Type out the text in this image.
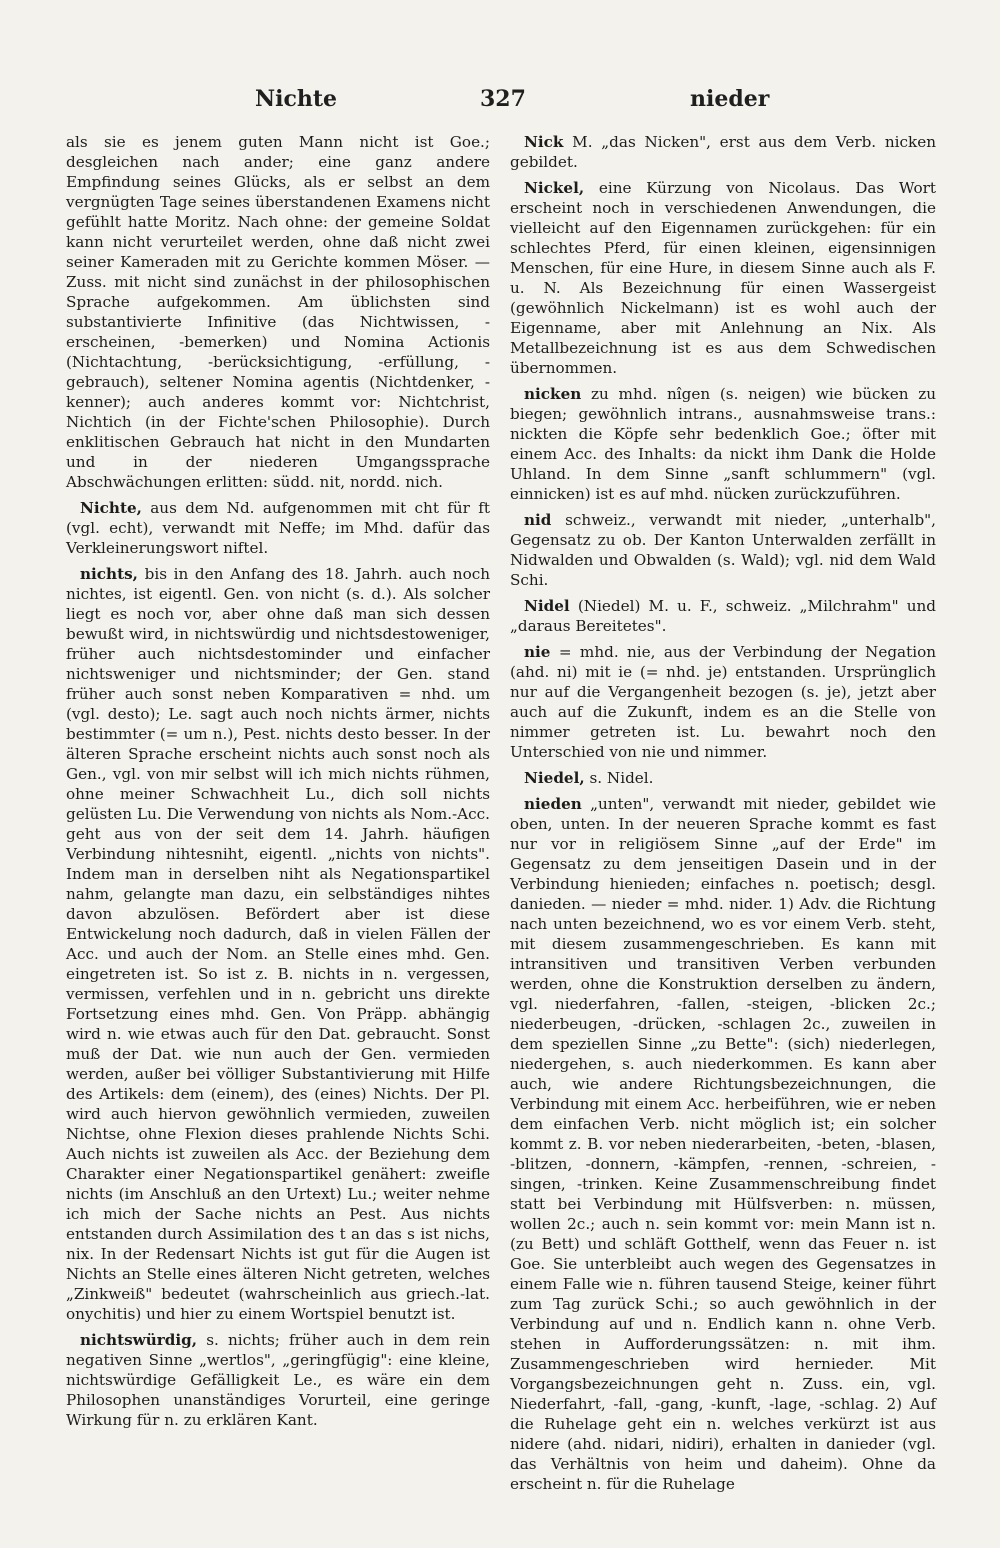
Nichte	327	nieder

als sie es jenem guten Mann nicht ist Goe.; desgleichen nach ander; eine ganz andere Empfindung seines Glücks, als er selbst an dem vergnügten Tage seines überstandenen Examens nicht gefühlt hatte Moritz. Nach ohne: der gemeine Soldat kann nicht verurteilet werden, ohne daß nicht zwei seiner Kameraden mit zu Gerichte kommen Möser. — Zuss. mit nicht sind zunächst in der philosophischen Sprache aufgekommen. Am üblichsten sind substantivierte Infinitive (das Nichtwissen, -erscheinen, -bemerken) und Nomina Actionis (Nichtachtung, -berücksichtigung, -erfüllung, -gebrauch), seltener Nomina agentis (Nichtdenker, -kenner); auch anderes kommt vor: Nichtchrist, Nichtich (in der Fichte'schen Philosophie). Durch enklitischen Gebrauch hat nicht in den Mundarten und in der niederen Umgangssprache Abschwächungen erlitten: südd. nit, nordd. nich.

Nichte, aus dem Nd. aufgenommen mit cht für ft (vgl. echt), verwandt mit Neffe; im Mhd. dafür das Verkleinerungswort niftel.

nichts, bis in den Anfang des 18. Jahrh. auch noch nichtes, ist eigentl. Gen. von nicht (s. d.). Als solcher liegt es noch vor, aber ohne daß man sich dessen bewußt wird, in nichtswürdig und nichtsdestoweniger, früher auch nichtsdestominder und einfacher nichtsweniger und nichtsminder; der Gen. stand früher auch sonst neben Komparativen = nhd. um (vgl. desto); Le. sagt auch noch nichts ärmer, nichts bestimmter (= um n.), Pest. nichts desto besser. In der älteren Sprache erscheint nichts auch sonst noch als Gen., vgl. von mir selbst will ich mich nichts rühmen, ohne meiner Schwachheit Lu., dich soll nichts gelüsten Lu. Die Verwendung von nichts als Nom.-Acc. geht aus von der seit dem 14. Jahrh. häufigen Verbindung nihtesniht, eigentl. „nichts von nichts". Indem man in derselben niht als Negationspartikel nahm, gelangte man dazu, ein selbständiges nihtes davon abzulösen. Befördert aber ist diese Entwickelung noch dadurch, daß in vielen Fällen der Acc. und auch der Nom. an Stelle eines mhd. Gen. eingetreten ist. So ist z. B. nichts in n. vergessen, vermissen, verfehlen und in n. gebricht uns direkte Fortsetzung eines mhd. Gen. Von Präpp. abhängig wird n. wie etwas auch für den Dat. gebraucht. Sonst muß der Dat. wie nun auch der Gen. vermieden werden, außer bei völliger Substantivierung mit Hilfe des Artikels: dem (einem), des (eines) Nichts. Der Pl. wird auch hiervon gewöhnlich vermieden, zuweilen Nichtse, ohne Flexion dieses prahlende Nichts Schi. Auch nichts ist zuweilen als Acc. der Beziehung dem Charakter einer Negationspartikel genähert: zweifle nichts (im Anschluß an den Urtext) Lu.; weiter nehme ich mich der Sache nichts an Pest. Aus nichts entstanden durch Assimilation des t an das s ist nichs, nix. In der Redensart Nichts ist gut für die Augen ist Nichts an Stelle eines älteren Nicht getreten, welches „Zinkweiß" bedeutet (wahrscheinlich aus griech.-lat. onychitis) und hier zu einem Wortspiel benutzt ist.

nichtswürdig, s. nichts; früher auch in dem rein negativen Sinne „wertlos", „geringfügig": eine kleine, nichtswürdige Gefälligkeit Le., es wäre ein dem Philosophen unanständiges Vorurteil, eine geringe Wirkung für n. zu erklären Kant.

Nick M. „das Nicken", erst aus dem Verb. nicken gebildet.

Nickel, eine Kürzung von Nicolaus. Das Wort erscheint noch in verschiedenen Anwendungen, die vielleicht auf den Eigennamen zurückgehen: für ein schlechtes Pferd, für einen kleinen, eigensinnigen Menschen, für eine Hure, in diesem Sinne auch als F. u. N. Als Bezeichnung für einen Wassergeist (gewöhnlich Nickelmann) ist es wohl auch der Eigenname, aber mit Anlehnung an Nix. Als Metallbezeichnung ist es aus dem Schwedischen übernommen.

nicken zu mhd. nîgen (s. neigen) wie bücken zu biegen; gewöhnlich intrans., ausnahmsweise trans.: nickten die Köpfe sehr bedenklich Goe.; öfter mit einem Acc. des Inhalts: da nickt ihm Dank die Holde Uhland. In dem Sinne „sanft schlummern" (vgl. einnicken) ist es auf mhd. nücken zurückzuführen.

nid schweiz., verwandt mit nieder, „unterhalb", Gegensatz zu ob. Der Kanton Unterwalden zerfällt in Nidwalden und Obwalden (s. Wald); vgl. nid dem Wald Schi.

Nidel (Niedel) M. u. F., schweiz. „Milchrahm" und „daraus Bereitetes".

nie = mhd. nie, aus der Verbindung der Negation (ahd. ni) mit ie (= nhd. je) entstanden. Ursprünglich nur auf die Vergangenheit bezogen (s. je), jetzt aber auch auf die Zukunft, indem es an die Stelle von nimmer getreten ist. Lu. bewahrt noch den Unterschied von nie und nimmer.

Niedel, s. Nidel.

nieden „unten", verwandt mit nieder, gebildet wie oben, unten. In der neueren Sprache kommt es fast nur vor in religiösem Sinne „auf der Erde" im Gegensatz zu dem jenseitigen Dasein und in der Verbindung hienieden; einfaches n. poetisch; desgl. danieden. — nieder = mhd. nider. 1) Adv. die Richtung nach unten bezeichnend, wo es vor einem Verb. steht, mit diesem zusammengeschrieben. Es kann mit intransitiven und transitiven Verben verbunden werden, ohne die Konstruktion derselben zu ändern, vgl. niederfahren, -fallen, -steigen, -blicken 2c.; niederbeugen, -drücken, -schlagen 2c., zuweilen in dem speziellen Sinne „zu Bette": (sich) niederlegen, niedergehen, s. auch niederkommen. Es kann aber auch, wie andere Richtungsbezeichnungen, die Verbindung mit einem Acc. herbeiführen, wie er neben dem einfachen Verb. nicht möglich ist; ein solcher kommt z. B. vor neben niederarbeiten, -beten, -blasen, -blitzen, -donnern, -kämpfen, -rennen, -schreien, -singen, -trinken. Keine Zusammenschreibung findet statt bei Verbindung mit Hülfsverben: n. müssen, wollen 2c.; auch n. sein kommt vor: mein Mann ist n. (zu Bett) und schläft Gotthelf, wenn das Feuer n. ist Goe. Sie unterbleibt auch wegen des Gegensatzes in einem Falle wie n. führen tausend Steige, keiner führt zum Tag zurück Schi.; so auch gewöhnlich in der Verbindung auf und n. Endlich kann n. ohne Verb. stehen in Aufforderungssätzen: n. mit ihm. Zusammengeschrieben wird hernieder. Mit Vorgangsbezeichnungen geht n. Zuss. ein, vgl. Niederfahrt, -fall, -gang, -kunft, -lage, -schlag. 2) Auf die Ruhelage geht ein n. welches verkürzt ist aus nidere (ahd. nidari, nidiri), erhalten in danieder (vgl. das Verhältnis von heim und daheim). Ohne da erscheint n. für die Ruhelage
